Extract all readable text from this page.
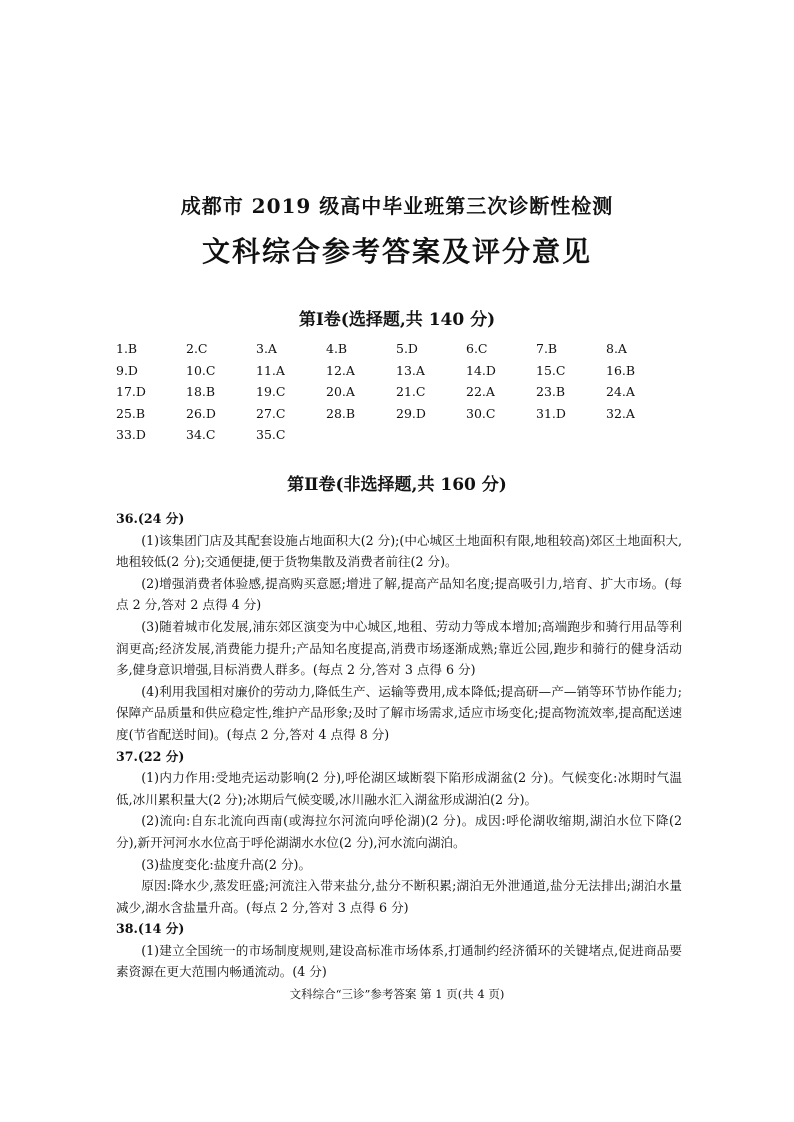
成都市 2019 级高中毕业班第三次诊断性检测
文科综合参考答案及评分意见
第Ⅰ卷(选择题,共 140 分)
1.B	2.C	3.A	4.B	5.D	6.C	7.B	8.A
9.D	10.C	11.A	12.A	13.A	14.D	15.C	16.B
17.D	18.B	19.C	20.A	21.C	22.A	23.B	24.A
25.B	26.D	27.C	28.B	29.D	30.C	31.D	32.A
33.D	34.C	35.C
第Ⅱ卷(非选择题,共 160 分)
36.(24 分)
(1)该集团门店及其配套设施占地面积大(2 分);(中心城区土地面积有限,地租较高)郊区土地面积大,地租较低(2 分);交通便捷,便于货物集散及消费者前往(2 分)。
(2)增强消费者体验感,提高购买意愿;增进了解,提高产品知名度;提高吸引力,培育、扩大市场。(每点 2 分,答对 2 点得 4 分)
(3)随着城市化发展,浦东郊区演变为中心城区,地租、劳动力等成本增加;高端跑步和骑行用品等利润更高;经济发展,消费能力提升;产品知名度提高,消费市场逐渐成熟;靠近公园,跑步和骑行的健身活动多,健身意识增强,目标消费人群多。(每点 2 分,答对 3 点得 6 分)
(4)利用我国相对廉价的劳动力,降低生产、运输等费用,成本降低;提高研—产—销等环节协作能力;保障产品质量和供应稳定性,维护产品形象;及时了解市场需求,适应市场变化;提高物流效率,提高配送速度(节省配送时间)。(每点 2 分,答对 4 点得 8 分)
37.(22 分)
(1)内力作用:受地壳运动影响(2 分),呼伦湖区域断裂下陷形成湖盆(2 分)。气候变化:冰期时气温低,冰川累积量大(2 分);冰期后气候变暖,冰川融水汇入湖盆形成湖泊(2 分)。
(2)流向:自东北流向西南(或海拉尔河流向呼伦湖)(2 分)。成因:呼伦湖收缩期,湖泊水位下降(2 分),新开河河水水位高于呼伦湖湖水水位(2 分),河水流向湖泊。
(3)盐度变化:盐度升高(2 分)。
原因:降水少,蒸发旺盛;河流注入带来盐分,盐分不断积累;湖泊无外泄通道,盐分无法排出;湖泊水量减少,湖水含盐量升高。(每点 2 分,答对 3 点得 6 分)
38.(14 分)
(1)建立全国统一的市场制度规则,建设高标准市场体系,打通制约经济循环的关键堵点,促进商品要素资源在更大范围内畅通流动。(4 分)
文科综合“三诊”参考答案 第 1 页(共 4 页)
